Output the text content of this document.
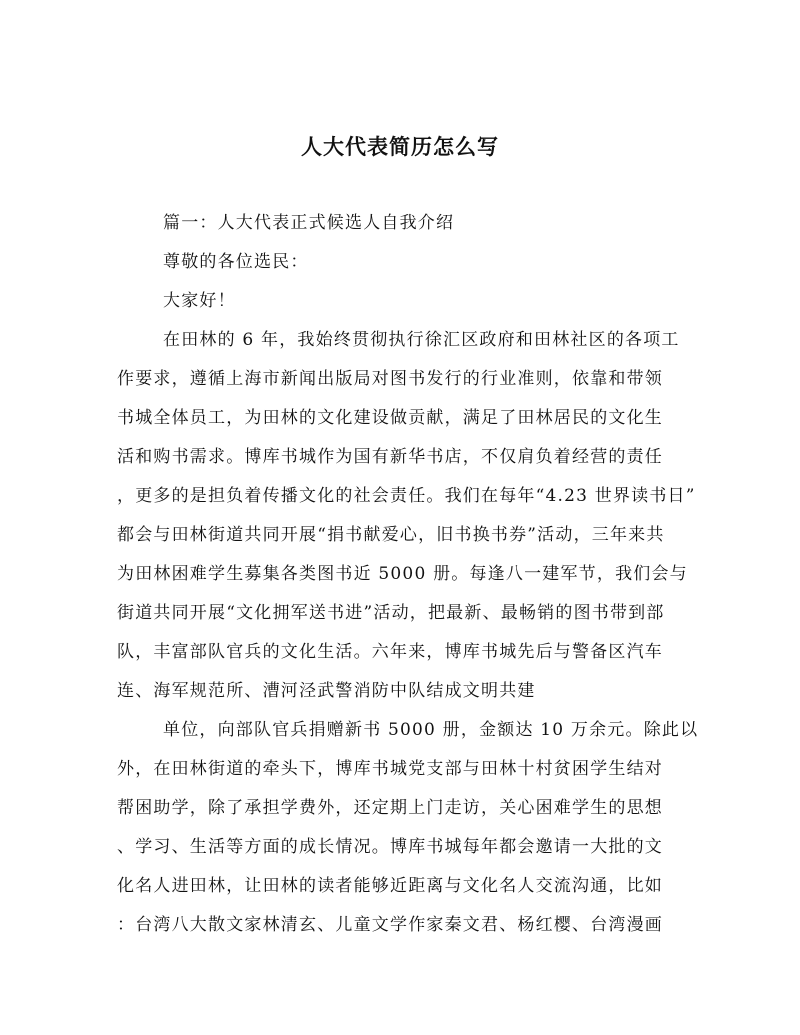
人大代表简历怎么写
篇一：人大代表正式候选人自我介绍
尊敬的各位选民：
大家好！
在田林的 6 年，我始终贯彻执行徐汇区政府和田林社区的各项工
作要求，遵循上海市新闻出版局对图书发行的行业准则，依靠和带领
书城全体员工，为田林的文化建设做贡献，满足了田林居民的文化生
活和购书需求。博库书城作为国有新华书店，不仅肩负着经营的责任
，更多的是担负着传播文化的社会责任。我们在每年“4.23 世界读书日”
都会与田林街道共同开展“捐书献爱心，旧书换书券”活动，三年来共
为田林困难学生募集各类图书近 5000 册。每逢八一建军节，我们会与
街道共同开展“文化拥军送书进”活动，把最新、最畅销的图书带到部
队，丰富部队官兵的文化生活。六年来，博库书城先后与警备区汽车
连、海军规范所、漕河泾武警消防中队结成文明共建
单位，向部队官兵捐赠新书 5000 册，金额达 10 万余元。除此以
外，在田林街道的牵头下，博库书城党支部与田林十村贫困学生结对
帮困助学，除了承担学费外，还定期上门走访，关心困难学生的思想
、学习、生活等方面的成长情况。博库书城每年都会邀请一大批的文
化名人进田林，让田林的读者能够近距离与文化名人交流沟通，比如
：台湾八大散文家林清玄、儿童文学作家秦文君、杨红樱、台湾漫画
